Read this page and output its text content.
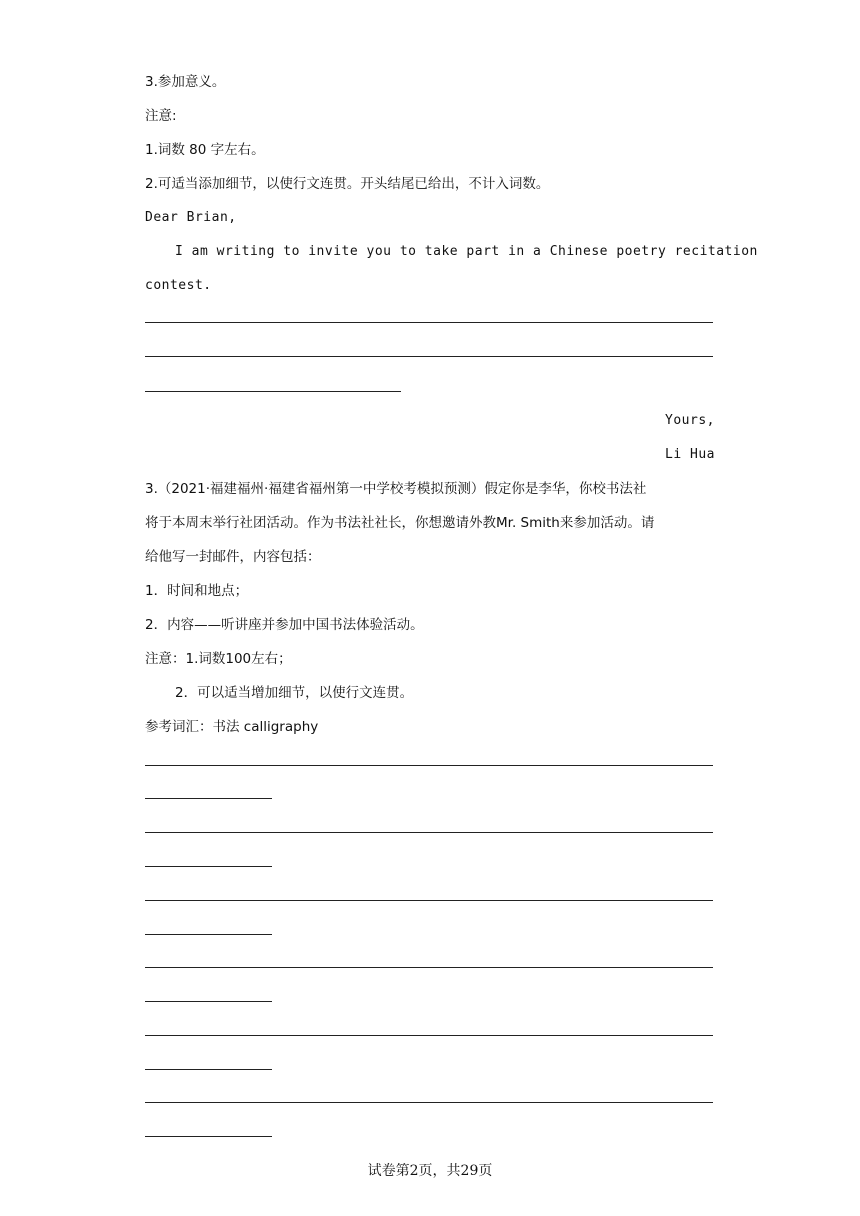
3.参加意义。
注意:
1.词数 80 字左右。
2.可适当添加细节，以使行文连贯。开头结尾已给出，不计入词数。
Dear Brian,
I am writing to invite you to take part in a Chinese poetry recitation
contest.
Yours,
Li Hua
3.（2021·福建福州·福建省福州第一中学校考模拟预测）假定你是李华，你校书法社
将于本周末举行社团活动。作为书法社社长，你想邀请外教Mr. Smith来参加活动。请
给他写一封邮件，内容包括：
1．时间和地点；
2．内容——听讲座并参加中国书法体验活动。
注意：1.词数100左右；
2．可以适当增加细节，以使行文连贯。
参考词汇：书法 calligraphy
试卷第2页，共29页
